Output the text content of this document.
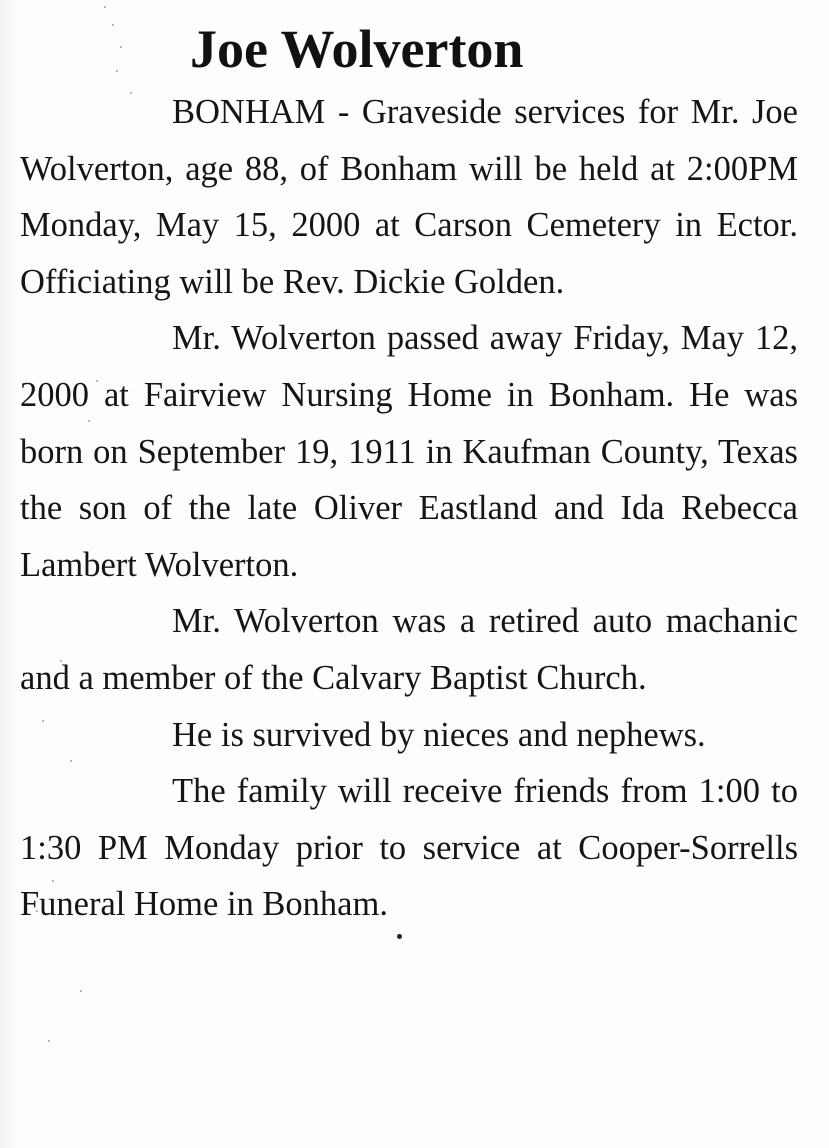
Joe Wolverton

BONHAM - Graveside services for Mr. Joe Wolverton, age 88, of Bonham will be held at 2:00PM Monday, May 15, 2000 at Carson Cemetery in Ector. Officiating will be Rev. Dickie Golden.

Mr. Wolverton passed away Friday, May 12, 2000 at Fairview Nursing Home in Bonham. He was born on September 19, 1911 in Kaufman County, Texas the son of the late Oliver Eastland and Ida Rebecca Lambert Wolverton.

Mr. Wolverton was a retired auto machanic and a member of the Calvary Baptist Church.

He is survived by nieces and nephews.

The family will receive friends from 1:00 to 1:30 PM Monday prior to service at Cooper-Sorrells Funeral Home in Bonham.
